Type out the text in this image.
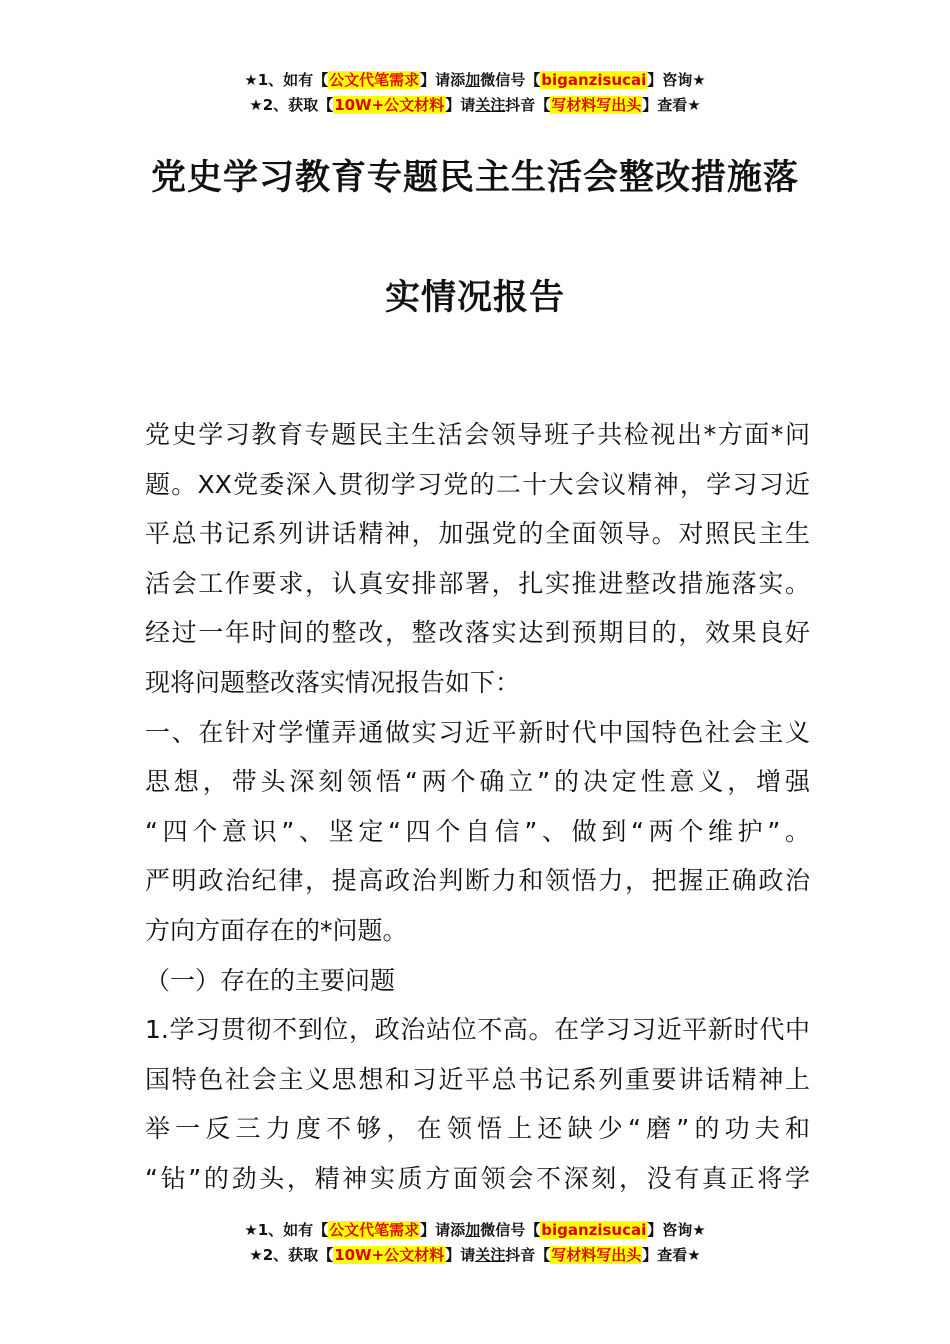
★1、如有【公文代笔需求】请添加微信号【biganzisucai】咨询★
★2、获取【10W+公文材料】请关注抖音【写材料写出头】查看★
党史学习教育专题民主生活会整改措施落
实情况报告

党史学习教育专题民主生活会领导班子共检视出*方面*问

题。XX党委深入贯彻学习党的二十大会议精神，学习习近

平总书记系列讲话精神，加强党的全面领导。对照民主生

活会工作要求，认真安排部署，扎实推进整改措施落实。

经过一年时间的整改，整改落实达到预期目的，效果良好

现将问题整改落实情况报告如下：

一、在针对学懂弄通做实习近平新时代中国特色社会主义

思想，带头深刻领悟“两个确立”的决定性意义，增强

“四个意识”、坚定“四个自信”、做到“两个维护”。

严明政治纪律，提高政治判断力和领悟力，把握正确政治

方向方面存在的*问题。

（一）存在的主要问题

1.学习贯彻不到位，政治站位不高。在学习习近平新时代中

国特色社会主义思想和习近平总书记系列重要讲话精神上

举一反三力度不够，在领悟上还缺少“磨”的功夫和

“钻”的劲头，精神实质方面领会不深刻，没有真正将学

★1、如有【公文代笔需求】请添加微信号【biganzisucai】咨询★
★2、获取【10W+公文材料】请关注抖音【写材料写出头】查看★
